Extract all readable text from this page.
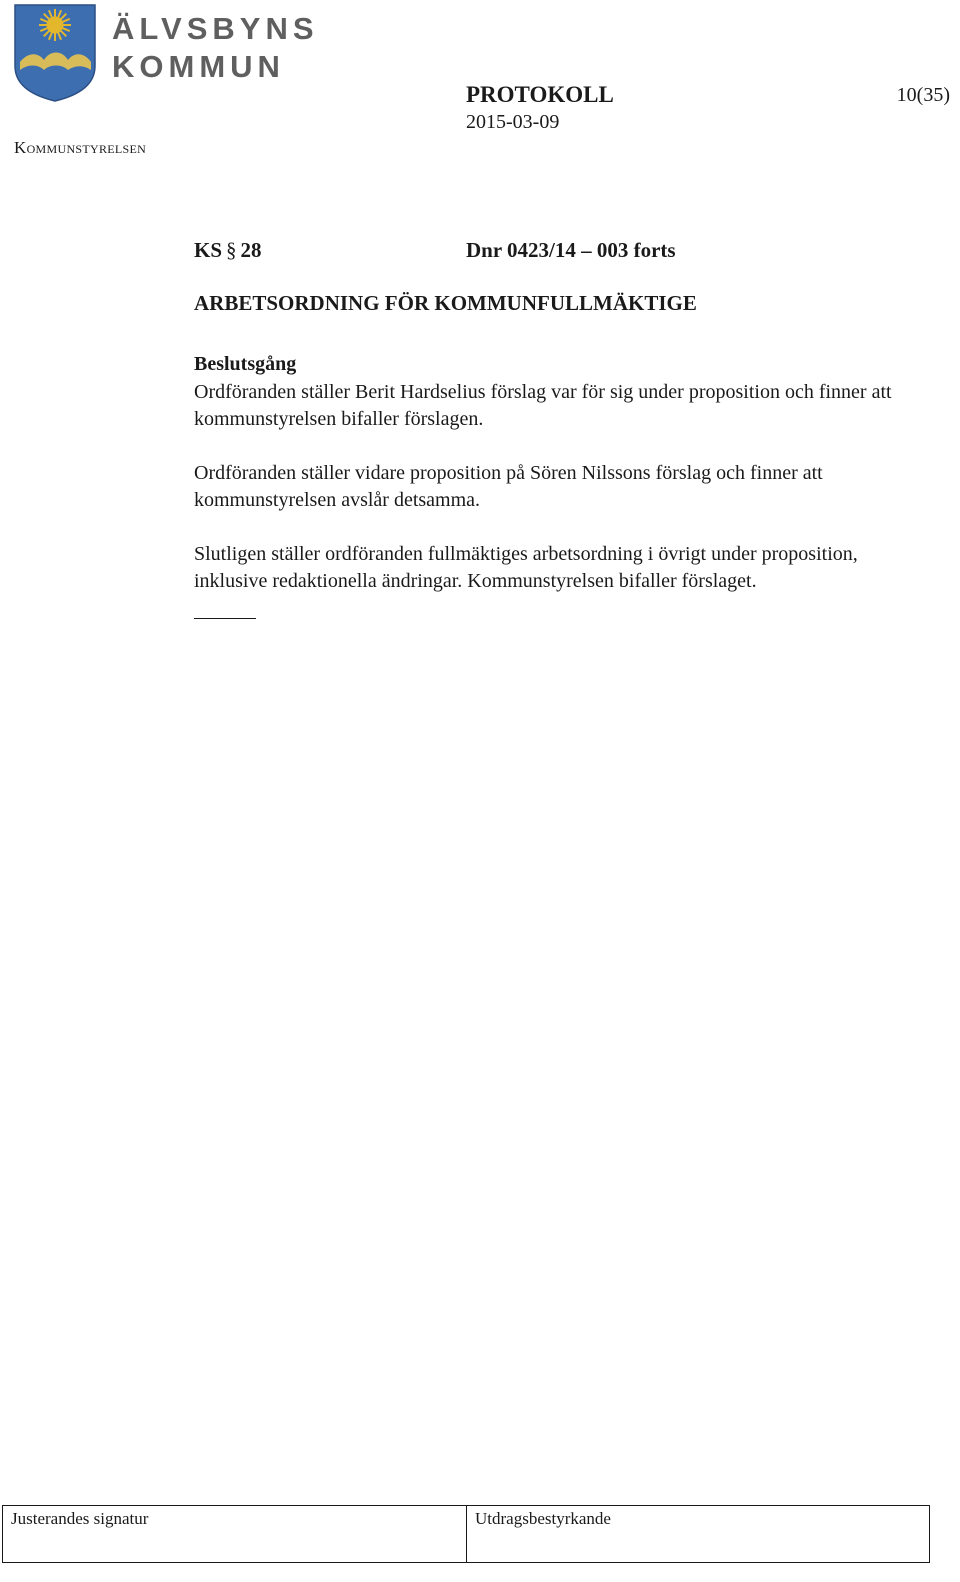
ÄLVSBYNS
KOMMUN
Kommunstyrelsen
PROTOKOLL
2015-03-09
10(35)
KS § 28	Dnr 0423/14 – 003 forts
ARBETSORDNING FÖR KOMMUNFULLMÄKTIGE

Beslutsgång

Ordföranden ställer Berit Hardselius förslag var för sig under proposition och finner att kommunstyrelsen bifaller förslagen.

Ordföranden ställer vidare proposition på Sören Nilssons förslag och finner att kommunstyrelsen avslår detsamma.

Slutligen ställer ordföranden fullmäktiges arbetsordning i övrigt under proposition, inklusive redaktionella ändringar. Kommunstyrelsen bifaller förslaget.

Justerandes signatur	Utdragsbestyrkande
